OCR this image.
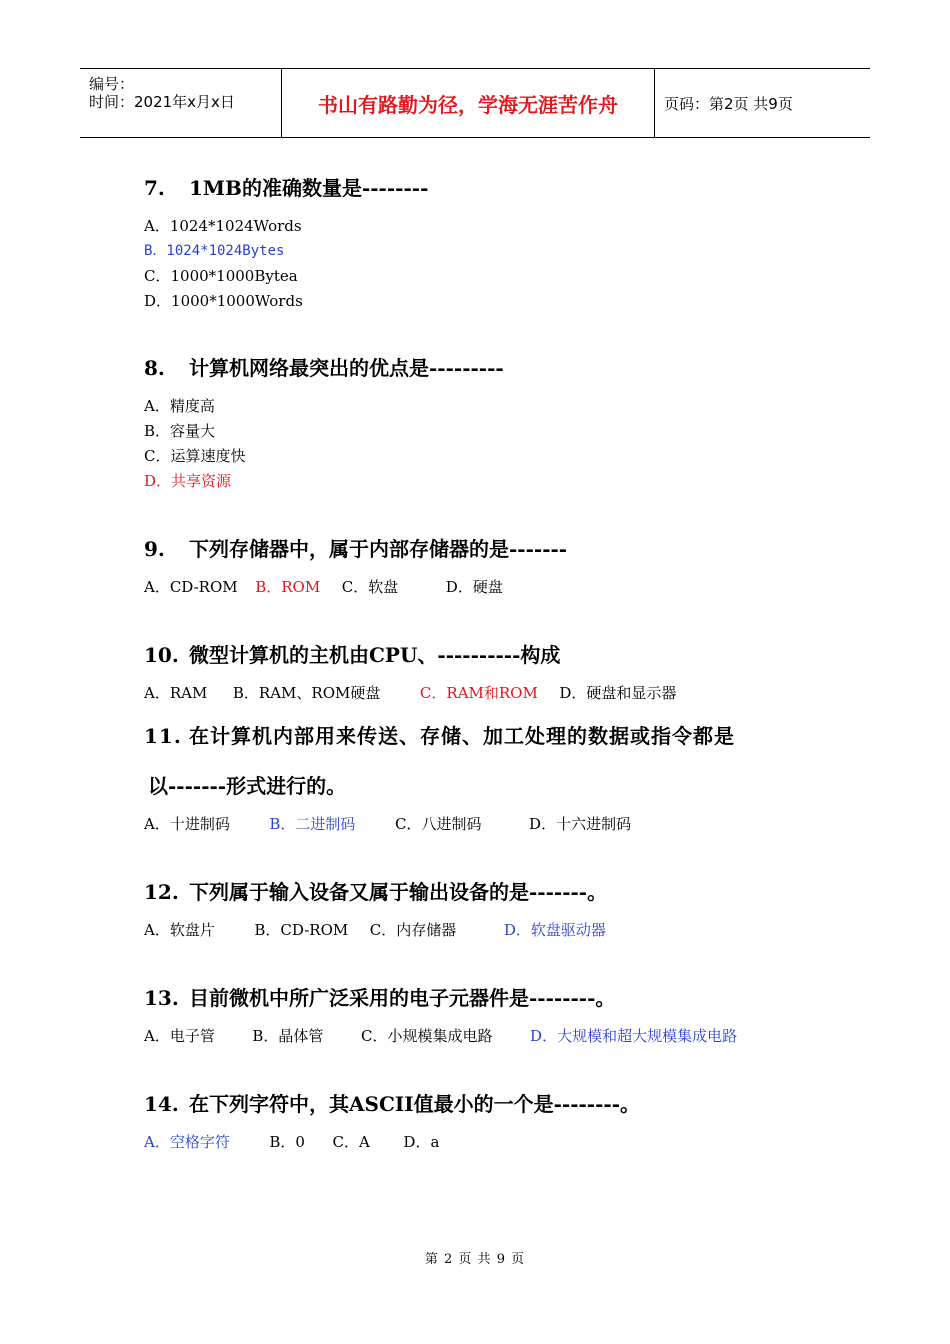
编号：
时间：2021年x月x日	书山有路勤为径，学海无涯苦作舟	页码：第2页 共9页
7. 1MB的准确数量是--------
A．1024*1024Words
B．1024*1024Bytes
C．1000*1000Bytea
D．1000*1000Words
8. 计算机网络最突出的优点是---------
A．精度高
B．容量大
C．运算速度快
D．共享资源
9. 下列存储器中，属于内部存储器的是-------
A．CD-ROM B．ROM C．软盘	D．硬盘
10. 微型计算机的主机由CPU、----------构成
A．RAM B．RAM、ROM硬盘	C．RAM和ROM D．硬盘和显示器
11. 在计算机内部用来传送、存储、加工处理的数据或指令都是
以-------形式进行的。
A．十进制码	B．二进制码	C．八进制码	D．十六进制码
12. 下列属于输入设备又属于输出设备的是-------。
A．软盘片	B．CD-ROM C．内存储器	D．软盘驱动器
13. 目前微机中所广泛采用的电子元器件是--------。
A．电子管	B．晶体管	C．小规模集成电路	D．大规模和超大规模集成电路
14. 在下列字符中，其ASCII值最小的一个是--------。
A．空格字符	B．0 C．A D．a
第 2 页 共 9 页
